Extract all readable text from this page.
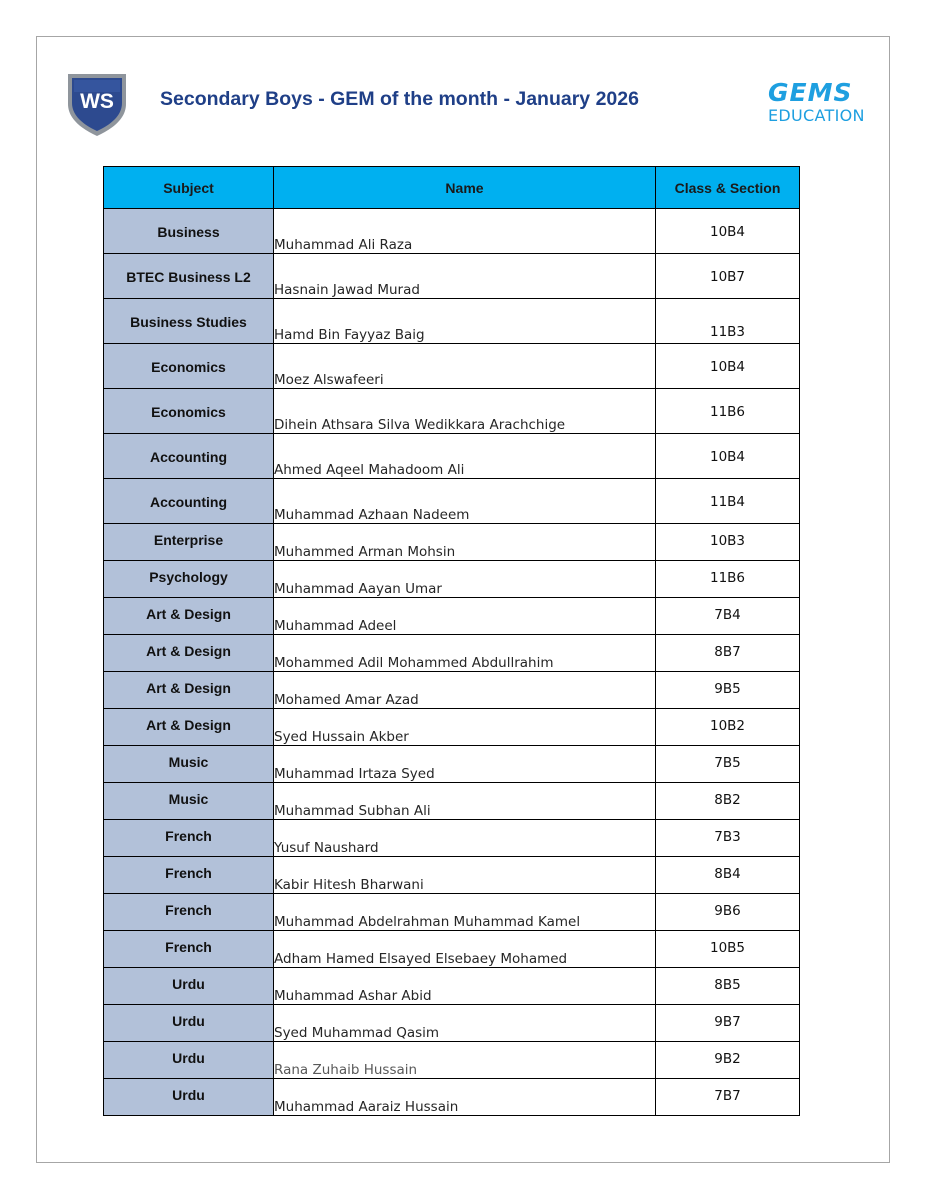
WS Secondary Boys - GEM of the month - January 2026	GEMS
EDUCATION
Subject	Name	Class & Section

Business	Muhammad Ali Raza	10B4

BTEC Business L2	Hasnain Jawad Murad	10B7

Business Studies	Hamd Bin Fayyaz Baig	11B3

Economics	Moez Alswafeeri	10B4

Economics	Dihein Athsara Silva Wedikkara Arachchige	11B6

Accounting	Ahmed Aqeel Mahadoom Ali	10B4

Accounting	Muhammad Azhaan Nadeem	11B4

Enterprise	Muhammed Arman Mohsin	10B3

Psychology	Muhammad Aayan Umar	11B6

Art & Design	Muhammad Adeel	7B4

Art & Design	Mohammed Adil Mohammed Abdullrahim	8B7

Art & Design	Mohamed Amar Azad	9B5

Art & Design	Syed Hussain Akber	10B2

Music	Muhammad Irtaza Syed	7B5

Music	Muhammad Subhan Ali	8B2

French	Yusuf Naushard	7B3

French	Kabir Hitesh Bharwani	8B4

French	Muhammad Abdelrahman Muhammad Kamel	9B6

French	Adham Hamed Elsayed Elsebaey Mohamed	10B5

Urdu	Muhammad Ashar Abid	8B5

Urdu	Syed Muhammad Qasim	9B7

Urdu	Rana Zuhaib Hussain	9B2

Urdu	Muhammad Aaraiz Hussain	7B7
